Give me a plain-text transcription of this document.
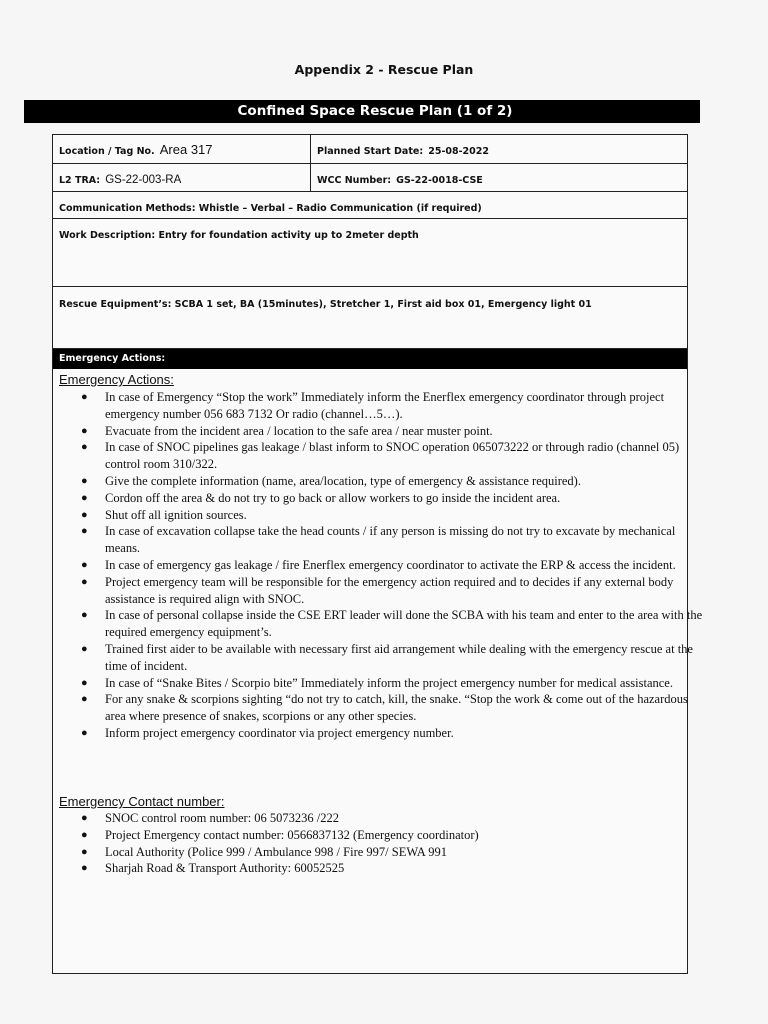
Appendix 2 - Rescue Plan
Confined Space Rescue Plan (1 of 2)
Location / Tag No. Area 317	Planned Start Date: 25-08-2022
L2 TRA: GS-22-003-RA	WCC Number: GS-22-0018-CSE
Communication Methods: Whistle – Verbal – Radio Communication (if required)
Work Description: Entry for foundation activity up to 2meter depth
Rescue Equipment’s: SCBA 1 set, BA (15minutes), Stretcher 1, First aid box 01, Emergency light 01
Emergency Actions:
Emergency Actions:
● In case of Emergency “Stop the work” Immediately inform the Enerflex emergency coordinator through project emergency number 056 683 7132 Or radio (channel…5…).
● Evacuate from the incident area / location to the safe area / near muster point.
● In case of SNOC pipelines gas leakage / blast inform to SNOC operation 065073222 or through radio (channel 05) control room 310/322.
● Give the complete information (name, area/location, type of emergency & assistance required).
● Cordon off the area & do not try to go back or allow workers to go inside the incident area.
● Shut off all ignition sources.
● In case of excavation collapse take the head counts / if any person is missing do not try to excavate by mechanical means.
● In case of emergency gas leakage / fire Enerflex emergency coordinator to activate the ERP & access the incident.
● Project emergency team will be responsible for the emergency action required and to decides if any external body assistance is required align with SNOC.
● In case of personal collapse inside the CSE ERT leader will done the SCBA with his team and enter to the area with the required emergency equipment’s.
● Trained first aider to be available with necessary first aid arrangement while dealing with the emergency rescue at the time of incident.
● In case of “Snake Bites / Scorpio bite” Immediately inform the project emergency number for medical assistance.
● For any snake & scorpions sighting “do not try to catch, kill, the snake. “Stop the work & come out of the hazardous area where presence of snakes, scorpions or any other species.
● Inform project emergency coordinator via project emergency number.
Emergency Contact number:
● SNOC control room number: 06 5073236 /222
● Project Emergency contact number: 0566837132 (Emergency coordinator)
● Local Authority (Police 999 / Ambulance 998 / Fire 997/ SEWA 991
● Sharjah Road & Transport Authority: 60052525
